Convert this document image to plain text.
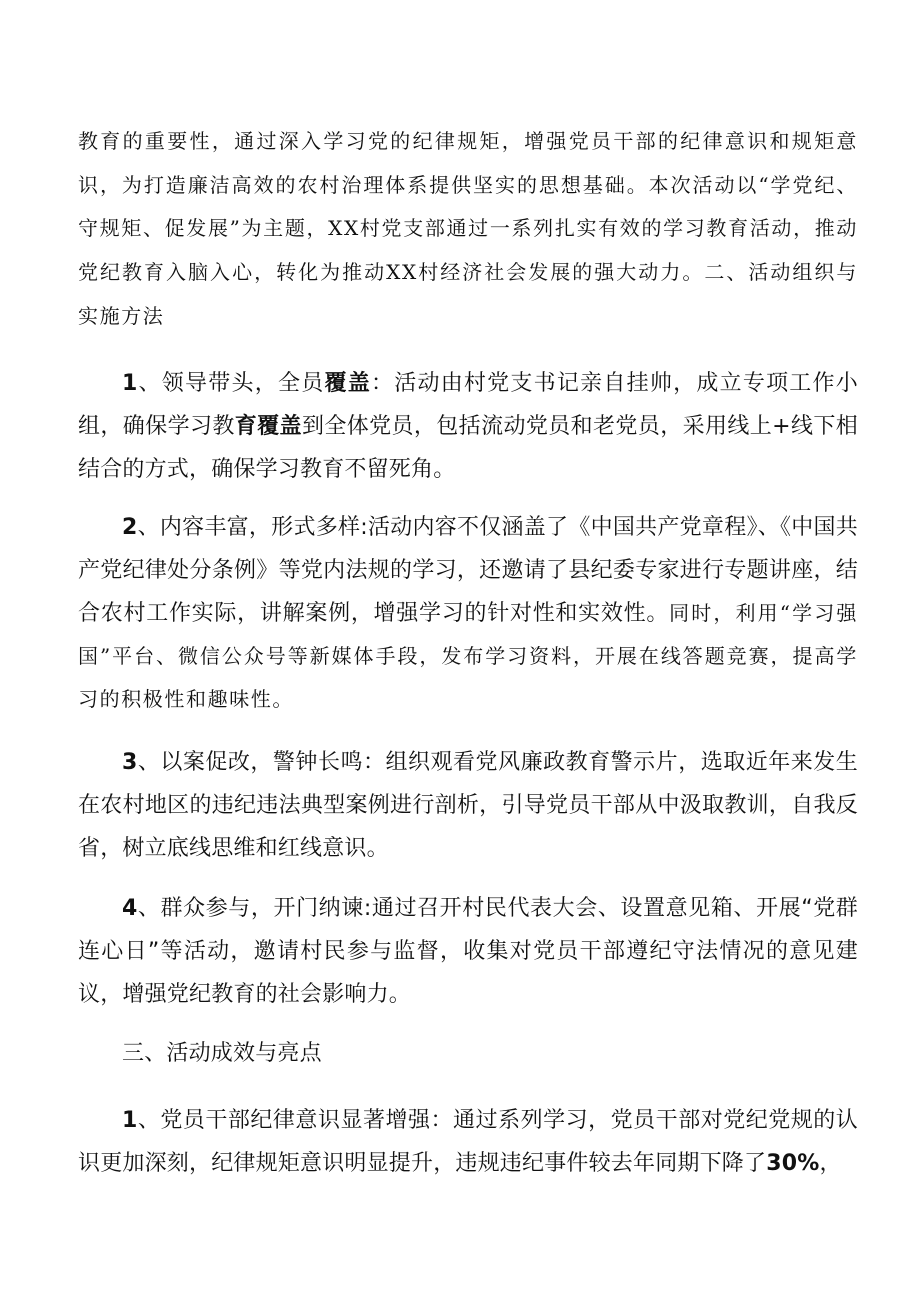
教育的重要性，通过深入学习党的纪律规矩，增强党员干部的纪律意识和规矩意识，为打造廉洁高效的农村治理体系提供坚实的思想基础。本次活动以“学党纪、守规矩、促发展”为主题，XX村党支部通过一系列扎实有效的学习教育活动，推动党纪教育入脑入心，转化为推动XX村经济社会发展的强大动力。二、活动组织与实施方法

1、领导带头，全员覆盖：活动由村党支书记亲自挂帅，成立专项工作小组，确保学习教育覆盖到全体党员，包括流动党员和老党员，采用线上+线下相结合的方式，确保学习教育不留死角。

2、内容丰富，形式多样:活动内容不仅涵盖了《中国共产党章程》、《中国共产党纪律处分条例》等党内法规的学习，还邀请了县纪委专家进行专题讲座，结合农村工作实际，讲解案例，增强学习的针对性和实效性。同时，利用“学习强国”平台、微信公众号等新媒体手段，发布学习资料，开展在线答题竞赛，提高学习的积极性和趣味性。

3、以案促改，警钟长鸣：组织观看党风廉政教育警示片，选取近年来发生在农村地区的违纪违法典型案例进行剖析，引导党员干部从中汲取教训，自我反省，树立底线思维和红线意识。

4、群众参与，开门纳谏:通过召开村民代表大会、设置意见箱、开展“党群连心日”等活动，邀请村民参与监督，收集对党员干部遵纪守法情况的意见建议，增强党纪教育的社会影响力。

三、活动成效与亮点

1、党员干部纪律意识显著增强：通过系列学习，党员干部对党纪党规的认识更加深刻，纪律规矩意识明显提升，违规违纪事件较去年同期下降了30%，
